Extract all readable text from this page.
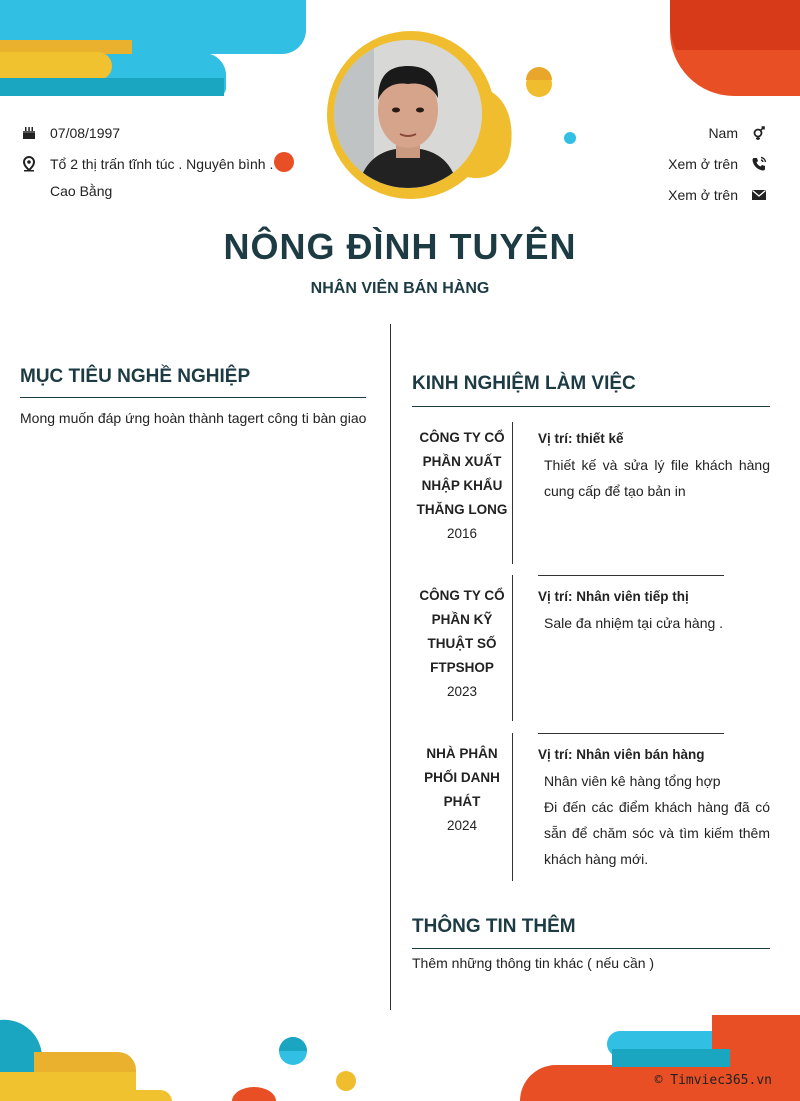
07/08/1997
Tổ 2 thị trấn tĩnh túc . Nguyên bình .
Cao Bằng
Nam
Xem ở trên
Xem ở trên
NÔNG ĐÌNH TUYÊN
NHÂN VIÊN BÁN HÀNG
MỤC TIÊU NGHỀ NGHIỆP
Mong muốn đáp ứng hoàn thành tagert công ti bàn giao
KINH NGHIỆM LÀM VIỆC
CÔNG TY CỔ
PHẦN XUẤT
NHẬP KHẨU
THĂNG LONG
2016
Vị trí: thiết kế
Thiết kế và sửa lý file khách hàng cung cấp để tạo bản in
CÔNG TY CỔ
PHẦN KỸ
THUẬT SỐ
FTPSHOP
2023
Vị trí: Nhân viên tiếp thị
Sale đa nhiệm tại cửa hàng .
NHÀ PHÂN
PHỐI DANH
PHÁT
2024
Vị trí: Nhân viên bán hàng
Nhân viên kê hàng tổng hợp
Đi đến các điểm khách hàng đã có sẵn để chăm sóc và tìm kiếm thêm khách hàng mới.
THÔNG TIN THÊM
Thêm những thông tin khác ( nếu cần )
© Timviec365.vn
